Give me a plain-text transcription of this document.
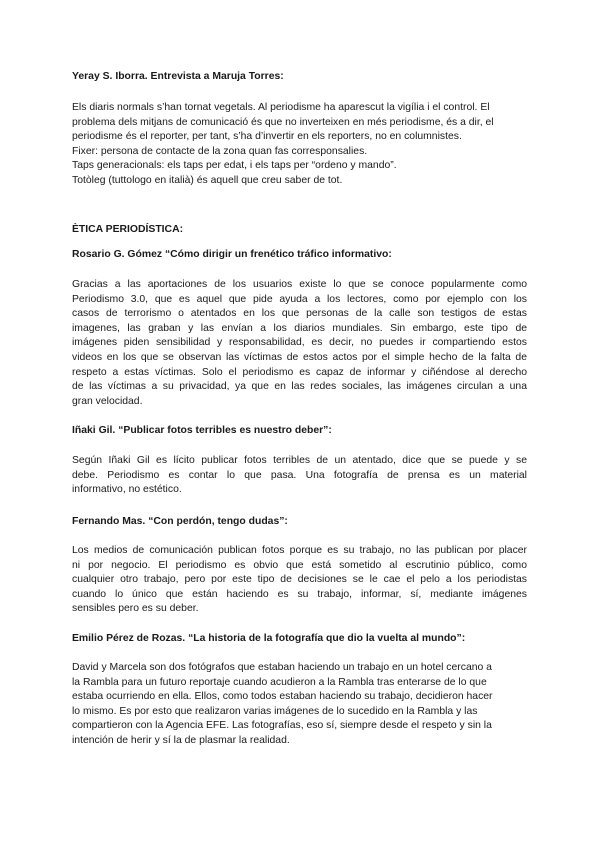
Yeray S. Iborra. Entrevista a Maruja Torres:

Els diaris normals s’han tornat vegetals. Al periodisme ha aparescut la vigília i el control. El
problema dels mitjans de comunicació és que no inverteixen en més periodisme, és a dir, el
periodisme és el reporter, per tant, s’ha d’invertir en els reporters, no en columnistes.
Fixer: persona de contacte de la zona quan fas corresponsalies.
Taps generacionals: els taps per edat, i els taps per “ordeno y mando”.
Totòleg (tuttologo en italià) és aquell que creu saber de tot.

ÈTICA PERIODÍSTICA:

Rosario G. Gómez “Cómo dirigir un frenético tráfico informativo:

Gracias a las aportaciones de los usuarios existe lo que se conoce popularmente como
Periodismo 3.0, que es aquel que pide ayuda a los lectores, como por ejemplo con los
casos de terrorismo o atentados en los que personas de la calle son testigos de estas
imagenes, las graban y las envían a los diarios mundiales. Sin embargo, este tipo de
imágenes piden sensibilidad y responsabilidad, es decir, no puedes ir compartiendo estos
videos en los que se observan las víctimas de estos actos por el simple hecho de la falta de
respeto a estas víctimas. Solo el periodismo es capaz de informar y ciñéndose al derecho
de las víctimas a su privacidad, ya que en las redes sociales, las imágenes circulan a una
gran velocidad.

Iñaki Gil. “Publicar fotos terribles es nuestro deber”:

Según Iñaki Gil es lícito publicar fotos terribles de un atentado, dice que se puede y se
debe. Periodismo es contar lo que pasa. Una fotografía de prensa es un material
informativo, no estético.

Fernando Mas. “Con perdón, tengo dudas”:

Los medios de comunicación publican fotos porque es su trabajo, no las publican por placer
ni por negocio. El periodismo es obvio que está sometido al escrutinio público, como
cualquier otro trabajo, pero por este tipo de decisiones se le cae el pelo a los periodistas
cuando lo único que están haciendo es su trabajo, informar, sí, mediante imágenes
sensibles pero es su deber.

Emilio Pérez de Rozas. “La historia de la fotografía que dio la vuelta al mundo”:

David y Marcela son dos fotógrafos que estaban haciendo un trabajo en un hotel cercano a
la Rambla para un futuro reportaje cuando acudieron a la Rambla tras enterarse de lo que
estaba ocurriendo en ella. Ellos, como todos estaban haciendo su trabajo, decidieron hacer
lo mismo. Es por esto que realizaron varias imágenes de lo sucedido en la Rambla y las
compartieron con la Agencia EFE. Las fotografías, eso sí, siempre desde el respeto y sin la
intención de herir y sí la de plasmar la realidad.
